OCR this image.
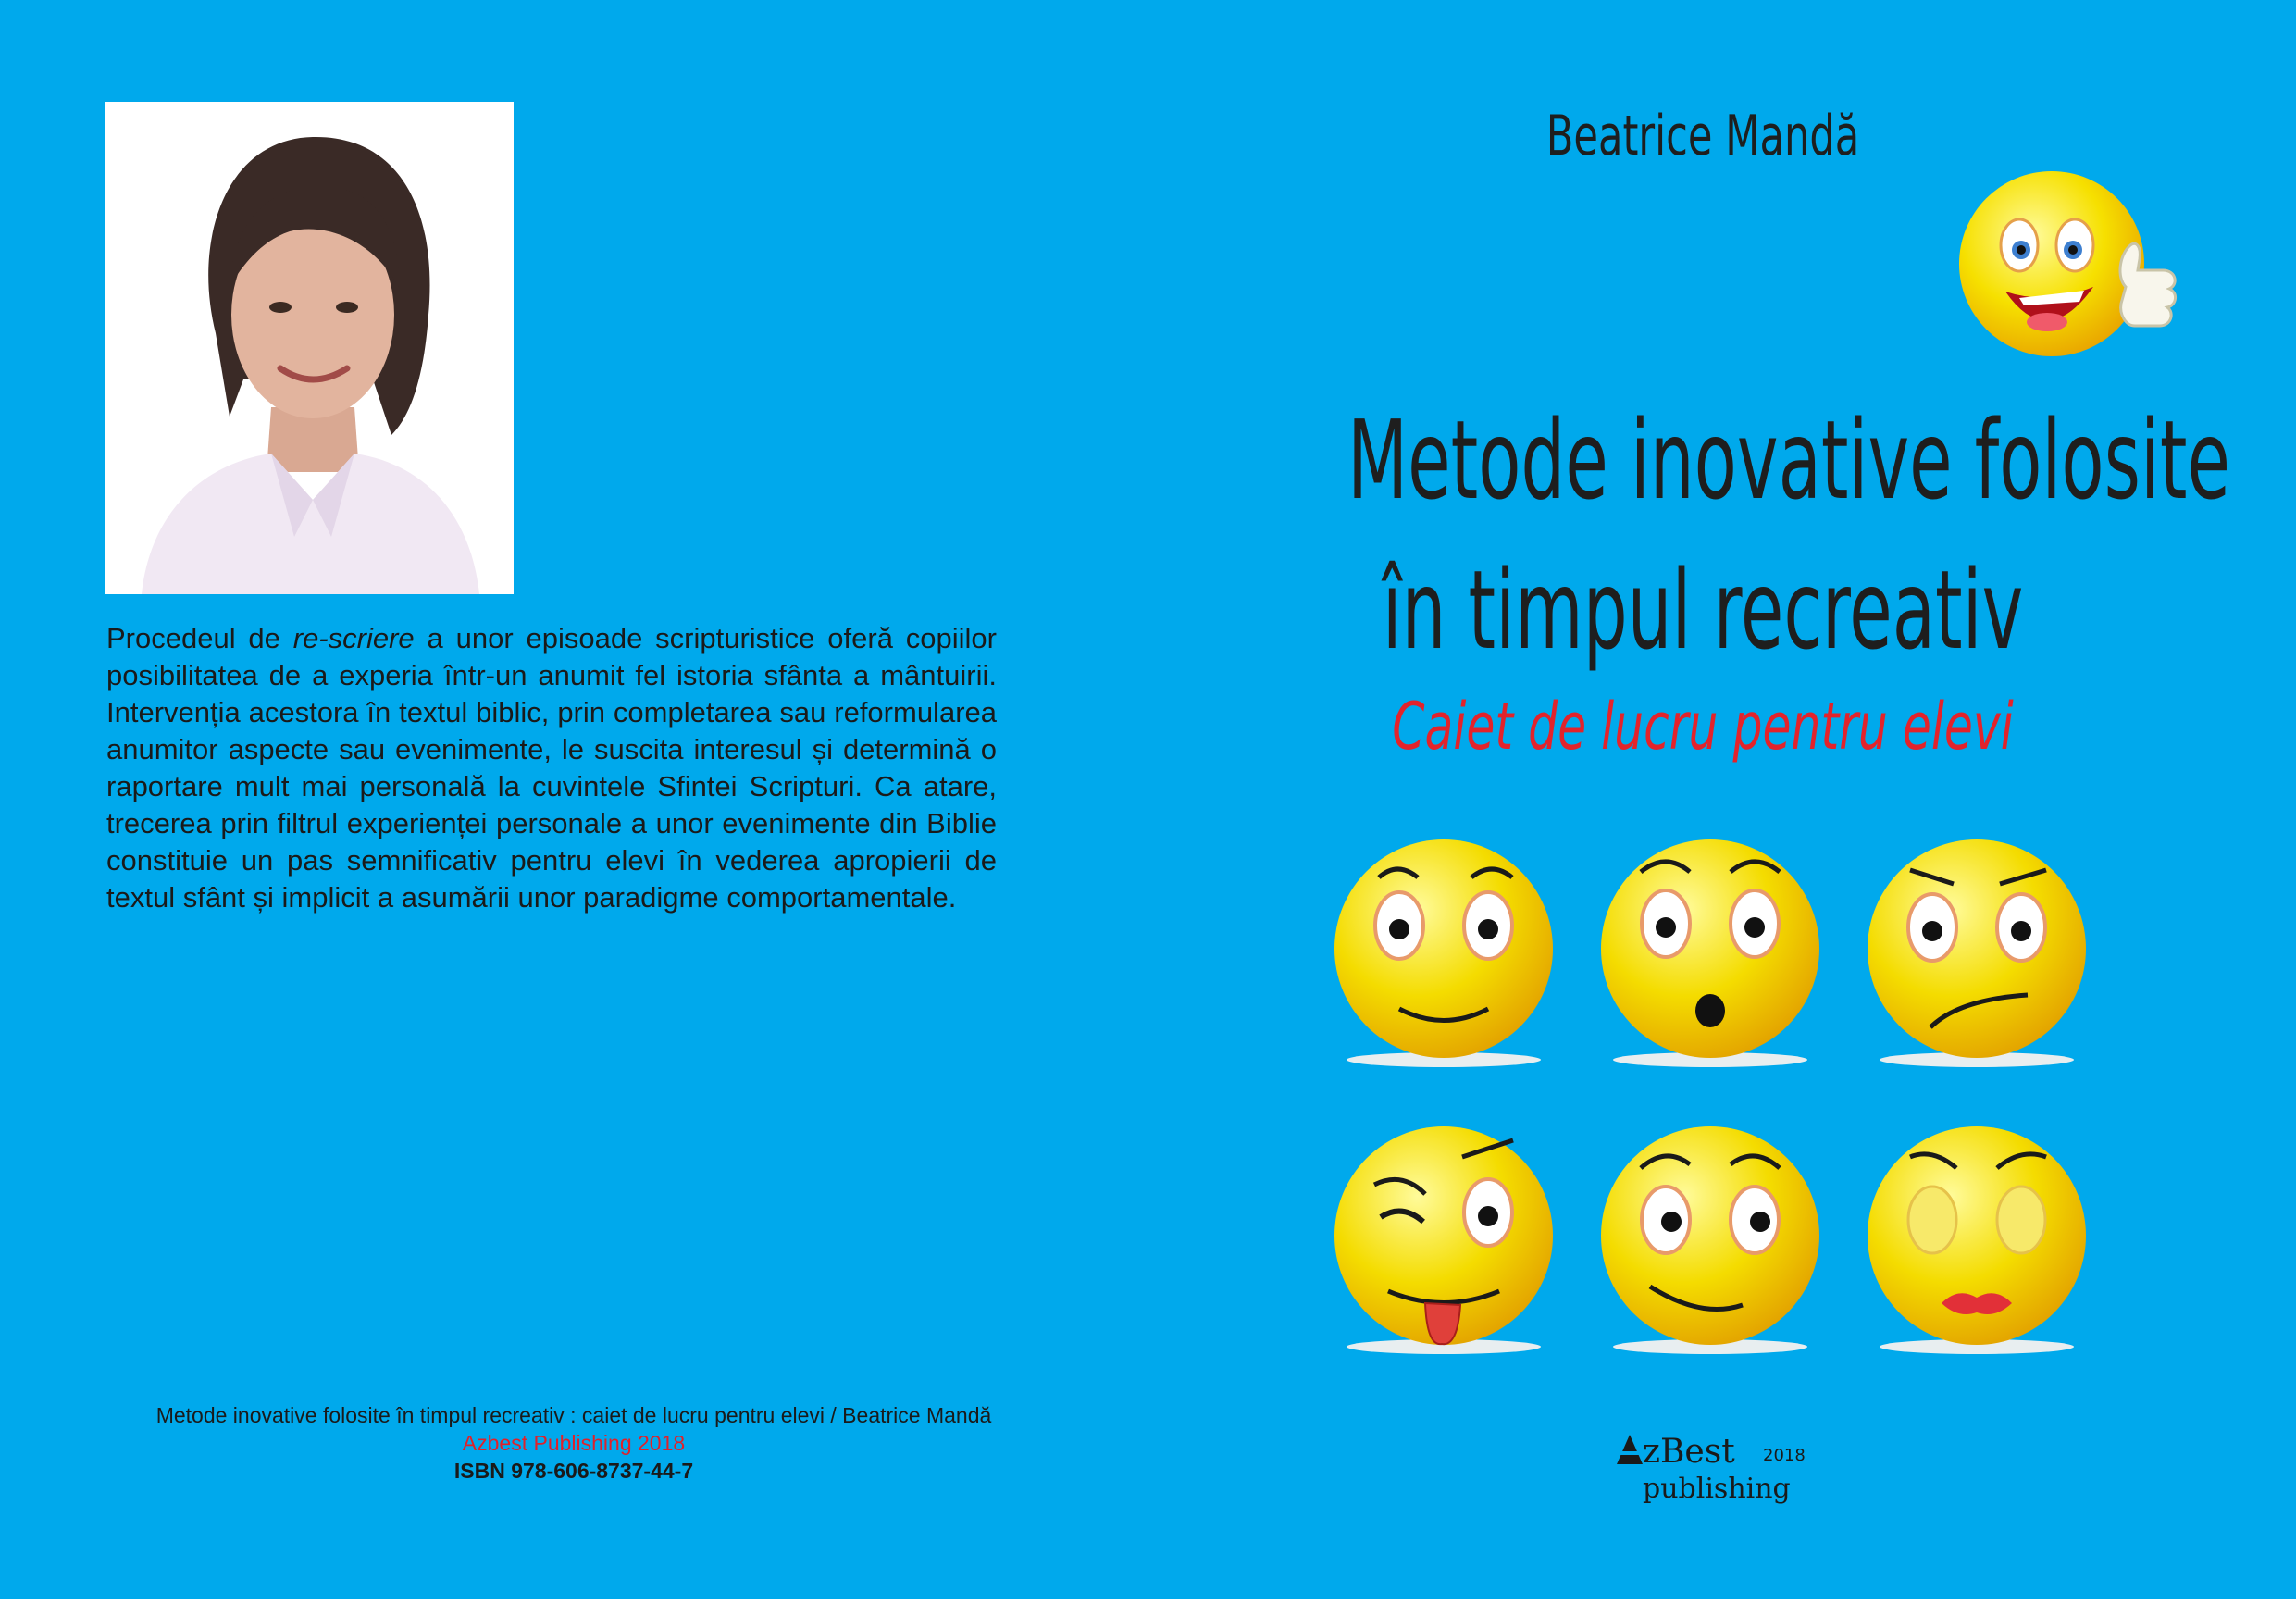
Procedeul de re-scriere a unor episoade scripturistice oferă copiilor posibilitatea de a experia într-un anumit fel istoria sfânta a mântuirii. Intervenția acestora în textul biblic, prin completarea sau reformularea anumitor aspecte sau evenimente, le suscita interesul și determină o raportare mult mai personală la cuvintele Sfintei Scripturi. Ca atare, trecerea prin filtrul experienței personale a unor evenimente din Biblie constituie un pas semnificativ pentru elevi în vederea apropierii de textul sfânt și implicit a asumării unor paradigme comportamentale.

Metode inovative folosite în timpul recreativ : caiet de lucru pentru elevi / Beatrice Mandă
Azbest Publishing 2018
ISBN 978-606-8737-44-7
Beatrice Mandă
Metode inovative folosite
în timpul recreativ
Caiet de lucru pentru elevi
zBest 2018
publishing
